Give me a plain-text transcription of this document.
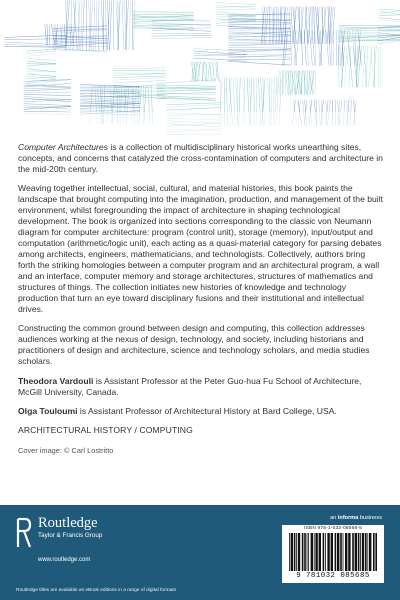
Computer Architectures is a collection of multidisciplinary historical works unearthing sites, concepts, and concerns that catalyzed the cross-contamination of computers and architecture in the mid-20th century.

Weaving together intellectual, social, cultural, and material histories, this book paints the landscape that brought computing into the imagination, production, and management of the built environment, whilst foregrounding the impact of architecture in shaping technological development. The book is organized into sections corresponding to the classic von Neumann diagram for computer architecture: program (control unit), storage (memory), input/output and computation (arithmetic/logic unit), each acting as a quasi-material category for parsing debates among architects, engineers, mathematicians, and technologists. Collectively, authors bring forth the striking homologies between a computer program and an architectural program, a wall and an interface, computer memory and storage architectures, structures of mathematics and structures of things. The collection initiates new histories of knowledge and technology production that turn an eye toward disciplinary fusions and their institutional and intellectual drives.

Constructing the common ground between design and computing, this collection addresses audiences working at the nexus of design, technology, and society, including historians and practitioners of design and architecture, science and technology scholars, and media studies scholars.

Theodora Vardouli is Assistant Professor at the Peter Guo-hua Fu School of Architecture, McGill University, Canada.

Olga Touloumi is Assistant Professor of Architectural History at Bard College, USA.

ARCHITECTURAL HISTORY / COMPUTING

Cover image: © Carl Lostritto

Routledge
Taylor & Francis Group
www.routledge.com
an informa business
ISBN 978-1-032-08568-5
9 781032 085685
Routledge titles are available as eBook editions in a range of digital formats
